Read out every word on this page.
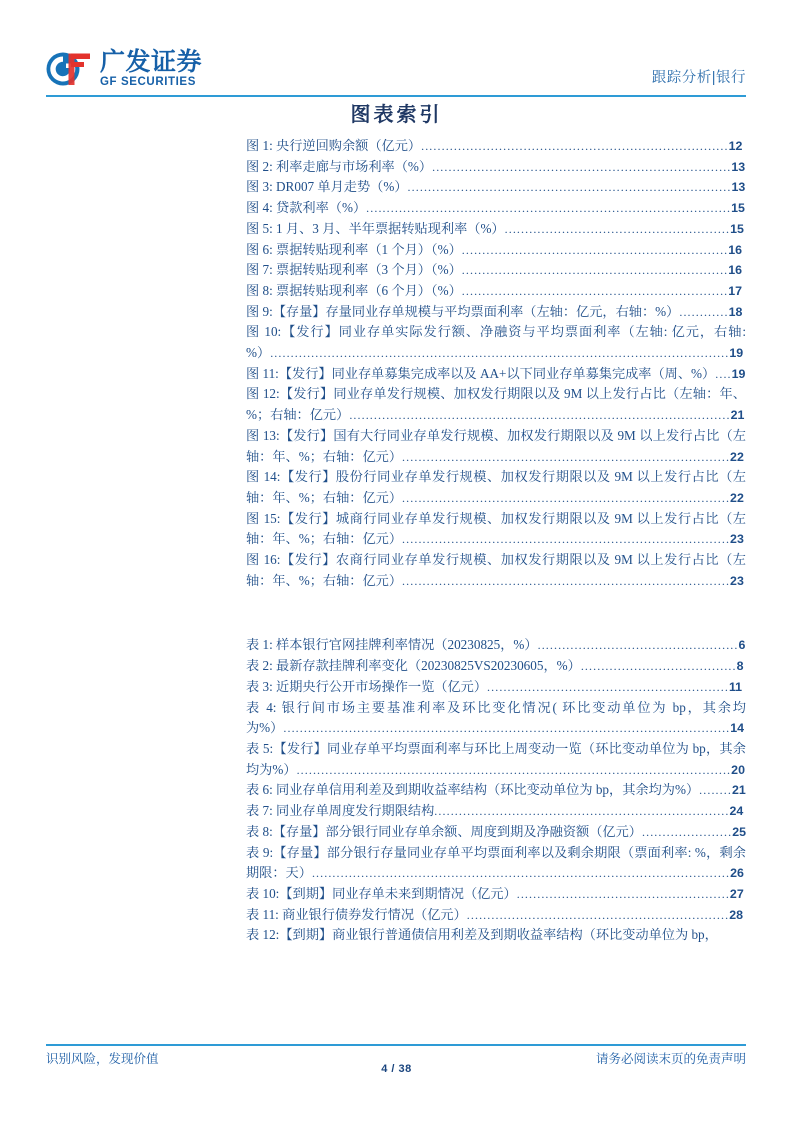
广发证券
GF SECURITIES	跟踪分析|银行
图表索引

图 1: 央行逆回购余额（亿元）...........................................................................12

图 2: 利率走廊与市场利率（%）.........................................................................13

图 3: DR007 单月走势（%）...............................................................................13

图 4: 贷款利率（%）.........................................................................................15

图 5: 1 月、3 月、半年票据转贴现利率（%）.......................................................15

图 6: 票据转贴现利率（1 个月）（%）.................................................................16

图 7: 票据转贴现利率（3 个月）（%）.................................................................16

图 8: 票据转贴现利率（6 个月）（%）.................................................................17

图 9:【存量】存量同业存单规模与平均票面利率（左轴：亿元，右轴：%）............18

图 10:【发行】同业存单实际发行额、净融资与平均票面利率（左轴: 亿元，右轴: %）................................................................................................................19

图 11:【发行】同业存单募集完成率以及 AA+以下同业存单募集完成率（周、%）....19

图 12:【发行】同业存单发行规模、加权发行期限以及 9M 以上发行占比（左轴：年、%；右轴：亿元）.............................................................................................21

图 13:【发行】国有大行同业存单发行规模、加权发行期限以及 9M 以上发行占比（左轴：年、%；右轴：亿元）................................................................................22

图 14:【发行】股份行同业存单发行规模、加权发行期限以及 9M 以上发行占比（左轴：年、%；右轴：亿元）................................................................................22

图 15:【发行】城商行同业存单发行规模、加权发行期限以及 9M 以上发行占比（左轴：年、%；右轴：亿元）................................................................................23

图 16:【发行】农商行同业存单发行规模、加权发行期限以及 9M 以上发行占比（左轴：年、%；右轴：亿元）................................................................................23

表 1: 样本银行官网挂牌利率情况（20230825，%）.................................................6

表 2: 最新存款挂牌利率变化（20230825VS20230605，%）......................................8

表 3: 近期央行公开市场操作一览（亿元）...........................................................11

表 4: 银行间市场主要基准利率及环比变化情况( 环比变动单位为 bp，其余均为%）.............................................................................................................14

表 5:【发行】同业存单平均票面利率与环比上周变动一览（环比变动单位为 bp，其余均为%）..........................................................................................................20

表 6: 同业存单信用利差及到期收益率结构（环比变动单位为 bp，其余均为%）........21

表 7: 同业存单周度发行期限结构........................................................................24

表 8:【存量】部分银行同业存单余额、周度到期及净融资额（亿元）......................25

表 9:【存量】部分银行存量同业存单平均票面利率以及剩余期限（票面利率: %，剩余期限：天）......................................................................................................26

表 10:【到期】同业存单未来到期情况（亿元）....................................................27

表 11: 商业银行债券发行情况（亿元）................................................................28

表 12:【到期】商业银行普通债信用利差及到期收益率结构（环比变动单位为 bp，

识别风险，发现价值	请务必阅读末页的免责声明
4 / 38
